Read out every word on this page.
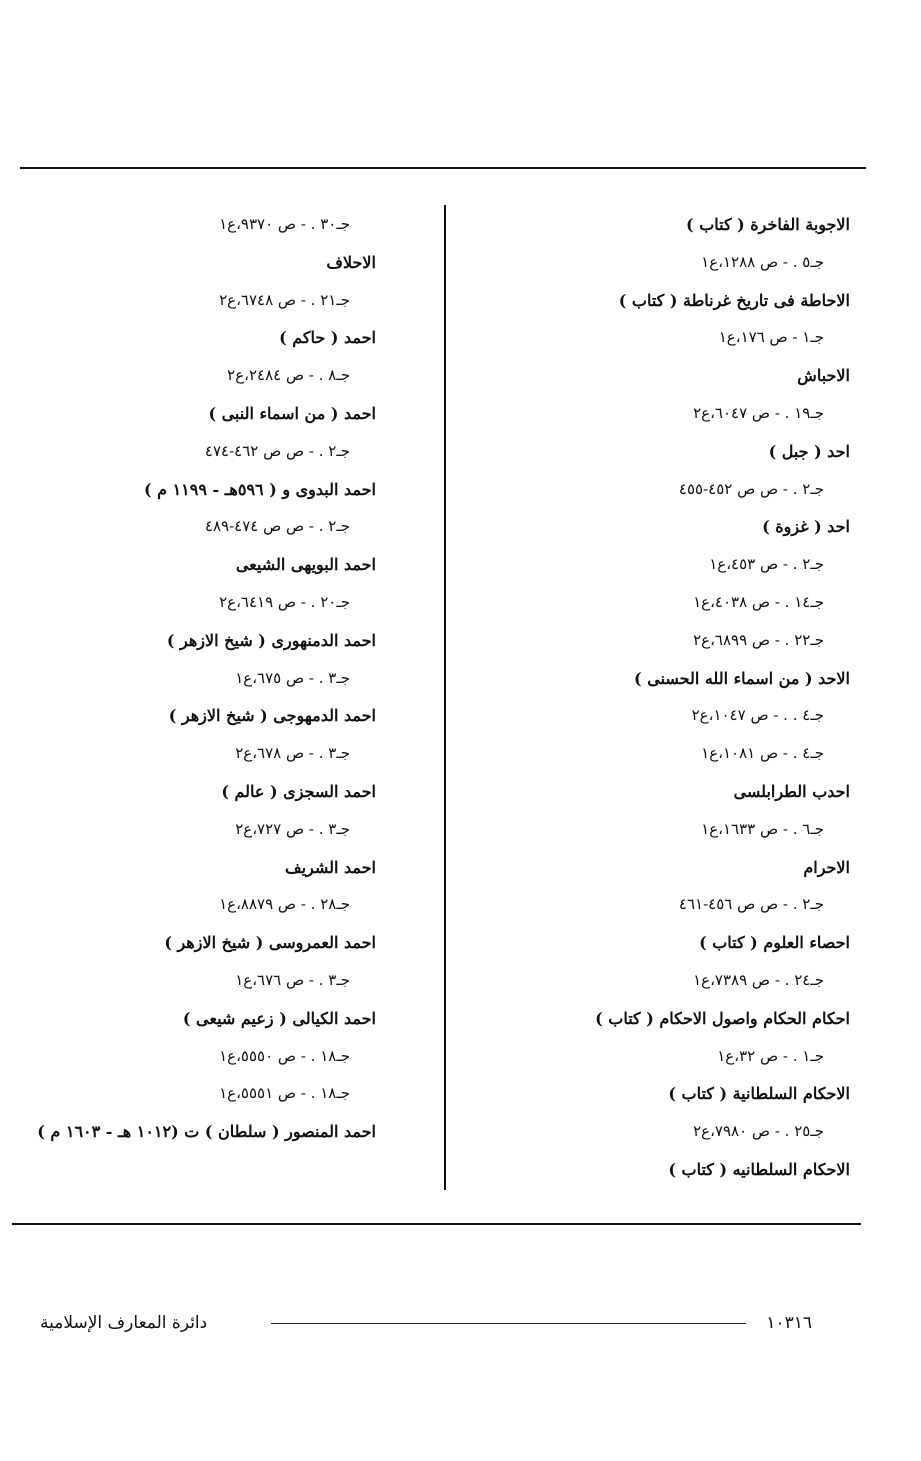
الاجوبة الفاخرة ( كتاب )
جـ٥ . - ص ١٢٨٨،ع١
الاحاطة فى تاريخ غرناطة ( كتاب )
جـ١ - ص ١٧٦،ع١
الاحباش
جـ١٩ . - ص ٦٠٤٧،ع٢
احد ( جبل )
جـ٢ . - ص ص ٤٥٢-٤٥٥
احد ( غزوة )
جـ٢ . - ص ٤٥٣،ع١
جـ١٤ . - ص ٤٠٣٨،ع١
جـ٢٢ . - ص ٦٨٩٩،ع٢
الاحد ( من اسماء الله الحسنى )
جـ٤ . . - ص ١٠٤٧،ع٢
جـ٤ . - ص ١٠٨١،ع١
احدب الطرابلسى
جـ٦ . - ص ١٦٣٣،ع١
الاحرام
جـ٢ . - ص ص ٤٥٦-٤٦١
احصاء العلوم ( كتاب )
جـ٢٤ . - ص ٧٣٨٩،ع١
احكام الحكام واصول الاحكام ( كتاب )
جـ١ . - ص ٣٢،ع١
الاحكام السلطانية ( كتاب )
جـ٢٥ . - ص ٧٩٨٠،ع٢
الاحكام السلطانيه ( كتاب )
جـ٣٠ . - ص ٩٣٧٠،ع١
الاحلاف
جـ٢١ . - ص ٦٧٤٨،ع٢
احمد ( حاكم )
جـ٨ . - ص ٢٤٨٤،ع٢
احمد ( من اسماء النبى )
جـ٢ . - ص ص ٤٦٢-٤٧٤
احمد البدوى و ( ٥٩٦هـ - ١١٩٩ م )
جـ٢ . - ص ص ٤٧٤-٤٨٩
احمد البويهى الشيعى
جـ٢٠ . - ص ٦٤١٩،ع٢
احمد الدمنهورى ( شيخ الازهر )
جـ٣ . - ص ٦٧٥،ع١
احمد الدمهوجى ( شيخ الازهر )
جـ٣ . - ص ٦٧٨،ع٢
احمد السجزى ( عالم )
جـ٣ . - ص ٧٢٧،ع٢
احمد الشريف
جـ٢٨ . - ص ٨٨٧٩،ع١
احمد العمروسى ( شيخ الازهر )
جـ٣ . - ص ٦٧٦،ع١
احمد الكيالى ( زعيم شيعى )
جـ١٨ . - ص ٥٥٥٠،ع١
جـ١٨ . - ص ٥٥٥١،ع١
احمد المنصور ( سلطان ) ت (١٠١٢ هـ - ١٦٠٣ م )
١٠٣١٦
دائرة المعارف الإسلامية
